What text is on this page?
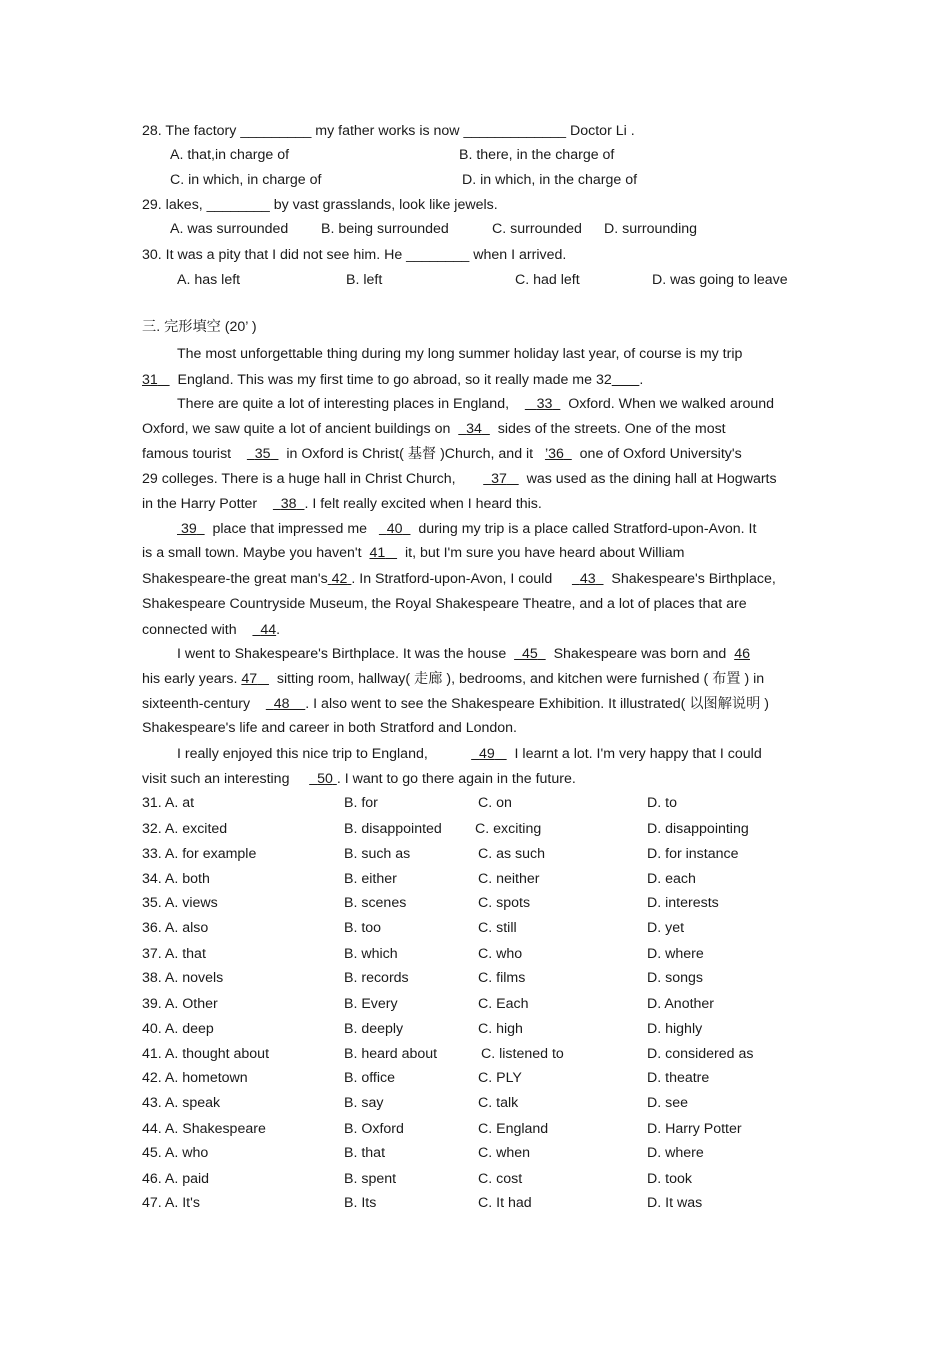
28. The factory _________ my father works is now _____________ Doctor Li .
A. that,in charge of	B. there, in the charge of
C. in which, in charge of	D. in which, in the charge of
29. lakes, ________ by vast grasslands, look like jewels.
A. was surrounded B. being surrounded	C. surrounded D. surrounding
30. It was a pity that I did not see him. He ________ when I arrived.
A. has left	B. left	C. had left	D. was going to leave
三. 完形填空 (20’ )
The most unforgettable thing during my long summer holiday last year, of course is my trip
31     England. This was my first time to go abroad, so it really made me 32 .
There are quite a lot of interesting places in England, 33 Oxford. When we walked around
Oxford, we saw quite a lot of ancient buildings on 34 sides of the streets. One of the most
famous tourist 35 in Oxford is Christ( 基督 )Church, and it ’36 one of Oxford University's
29 colleges. There is a huge hall in Christ Church, 37 was used as the dining hall at Hogwarts
in the Harry Potter 38 . I felt really excited when I heard this.
39 place that impressed me 40 during my trip is a place called Stratford-upon-Avon. It
is a small town. Maybe you haven't 41 it, but I'm sure you have heard about William
Shakespeare-the great man's 42 . In Stratford-upon-Avon, I could 43 Shakespeare's Birthplace,
Shakespeare Countryside Museum, the Royal Shakespeare Theatre, and a lot of places that are
connected with 44.
I went to Shakespeare's Birthplace. It was the house 45 Shakespeare was born and 46
his early years. 47 sitting room, hallway( 走廊 ), bedrooms, and kitchen were furnished ( 布置 ) in
sixteenth-century 48 . I also went to see the Shakespeare Exhibition. It illustrated( 以图解说明 )
Shakespeare's life and career in both Stratford and London.
I really enjoyed this nice trip to England,	49 I learnt a lot. I'm very happy that I could
visit such an interesting 50 . I want to go there again in the future.
31. A. at	B. for	C. on	D. to
32. A. excited	B. disappointed C. exciting	D. disappointing
33. A. for example	B. such as	C. as such	D. for instance
34. A. both	B. either	C. neither	D. each
35. A. views	B. scenes	C. spots	D. interests
36. A. also	B. too	C. still	D. yet
37. A. that	B. which	C. who	D. where
38. A. novels	B. records	C. films	D. songs
39. A. Other	B. Every	C. Each	D. Another
40. A. deep	B. deeply	C. high	D. highly
41. A. thought about	B. heard about	C. listened to	D. considered as
42. A. hometown	B. office	C. PLY	D. theatre
43. A. speak	B. say	C. talk	D. see
44. A. Shakespeare	B. Oxford	C. England	D. Harry Potter
45. A. who	B. that	C. when	D. where
46. A. paid	B. spent	C. cost	D. took
47. A. It's	B. Its	C. It had	D. It was
